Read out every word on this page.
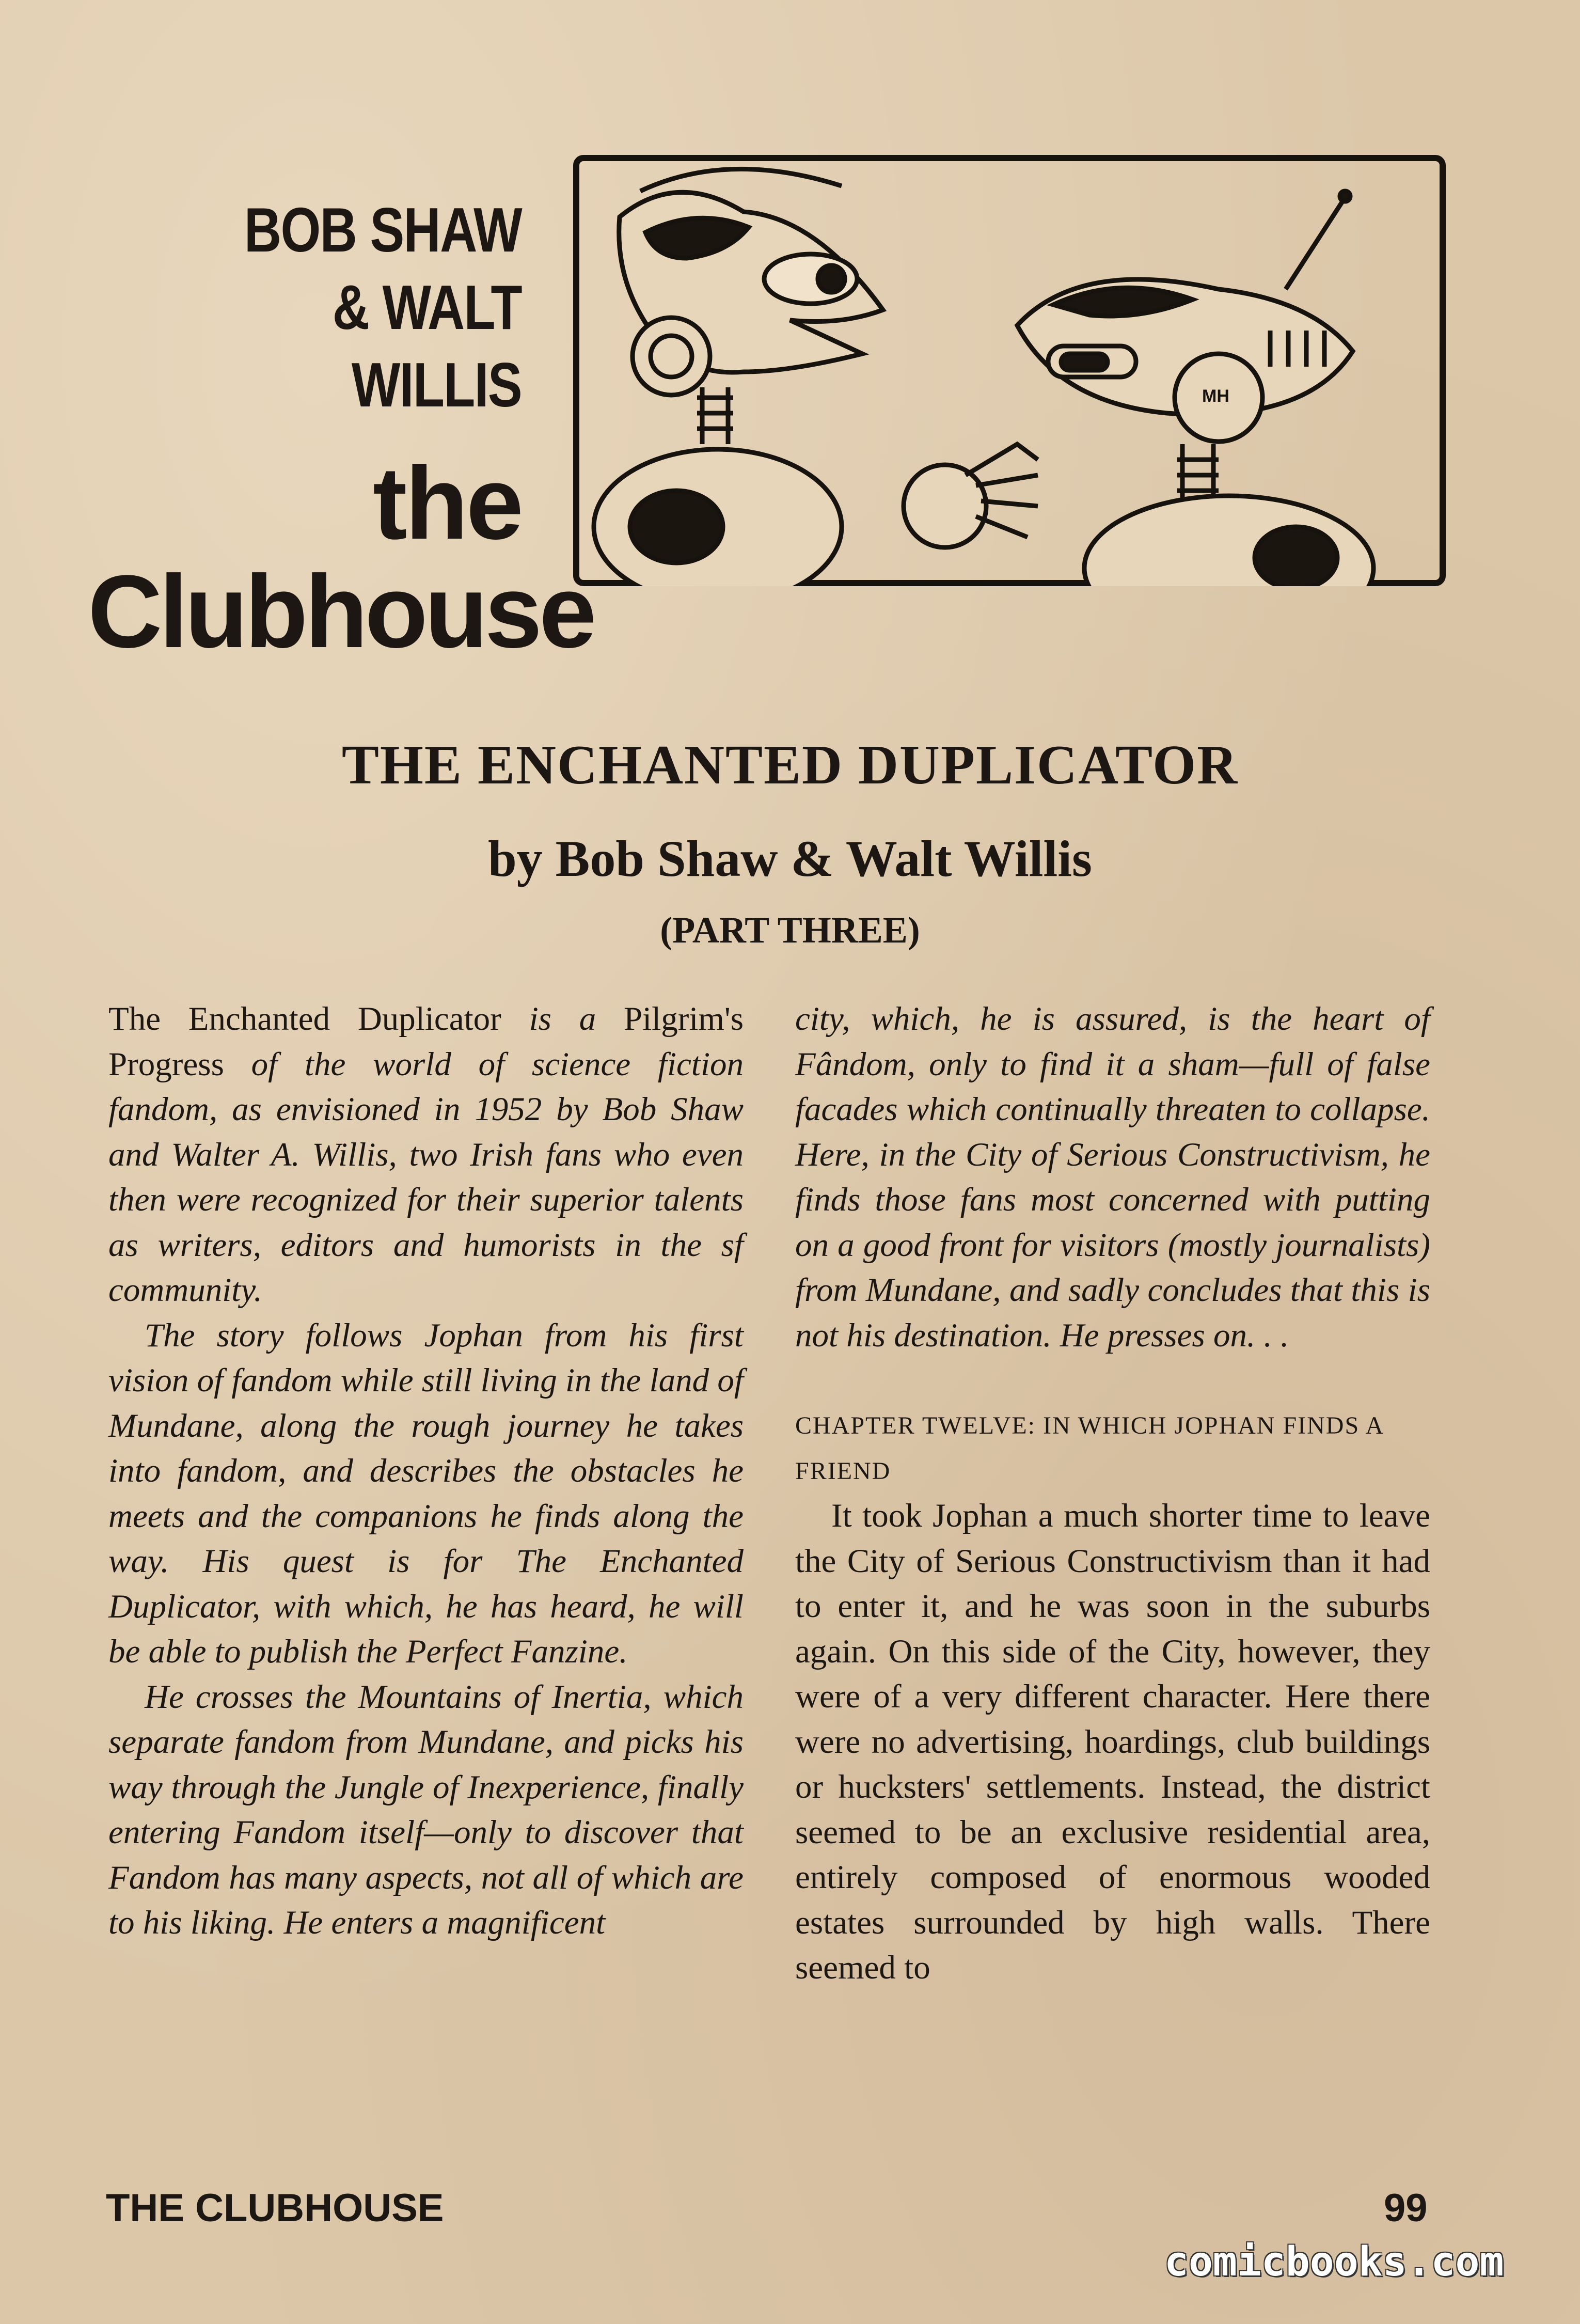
BOB SHAW
& WALT WILLIS
the
Clubhouse
MH
THE ENCHANTED DUPLICATOR
by Bob Shaw & Walt Willis
(PART THREE)

The Enchanted Duplicator is a Pilgrim's Progress of the world of science fiction fandom, as envisioned in 1952 by Bob Shaw and Walter A. Willis, two Irish fans who even then were recognized for their superior talents as writers, editors and humorists in the sf community.

The story follows Jophan from his first vision of fandom while still living in the land of Mundane, along the rough journey he takes into fandom, and describes the obstacles he meets and the companions he finds along the way. His quest is for The Enchanted Duplicator, with which, he has heard, he will be able to publish the Perfect Fanzine.

He crosses the Mountains of Inertia, which separate fandom from Mundane, and picks his way through the Jungle of Inexperience, finally entering Fandom itself—only to discover that Fandom has many aspects, not all of which are to his liking. He enters a magnificent

city, which, he is assured, is the heart of Fândom, only to find it a sham—full of false facades which continually threaten to collapse. Here, in the City of Serious Constructivism, he finds those fans most concerned with putting on a good front for visitors (mostly journalists) from Mundane, and sadly concludes that this is not his destination. He presses on. . .

CHAPTER TWELVE: IN WHICH JOPHAN FINDS A FRIEND

It took Jophan a much shorter time to leave the City of Serious Constructivism than it had to enter it, and he was soon in the suburbs again. On this side of the City, however, they were of a very different character. Here there were no advertising, hoardings, club buildings or hucksters' settlements. Instead, the district seemed to be an exclusive residential area, entirely composed of enormous wooded estates surrounded by high walls. There seemed to

THE CLUBHOUSE	99
comicbooks.com
